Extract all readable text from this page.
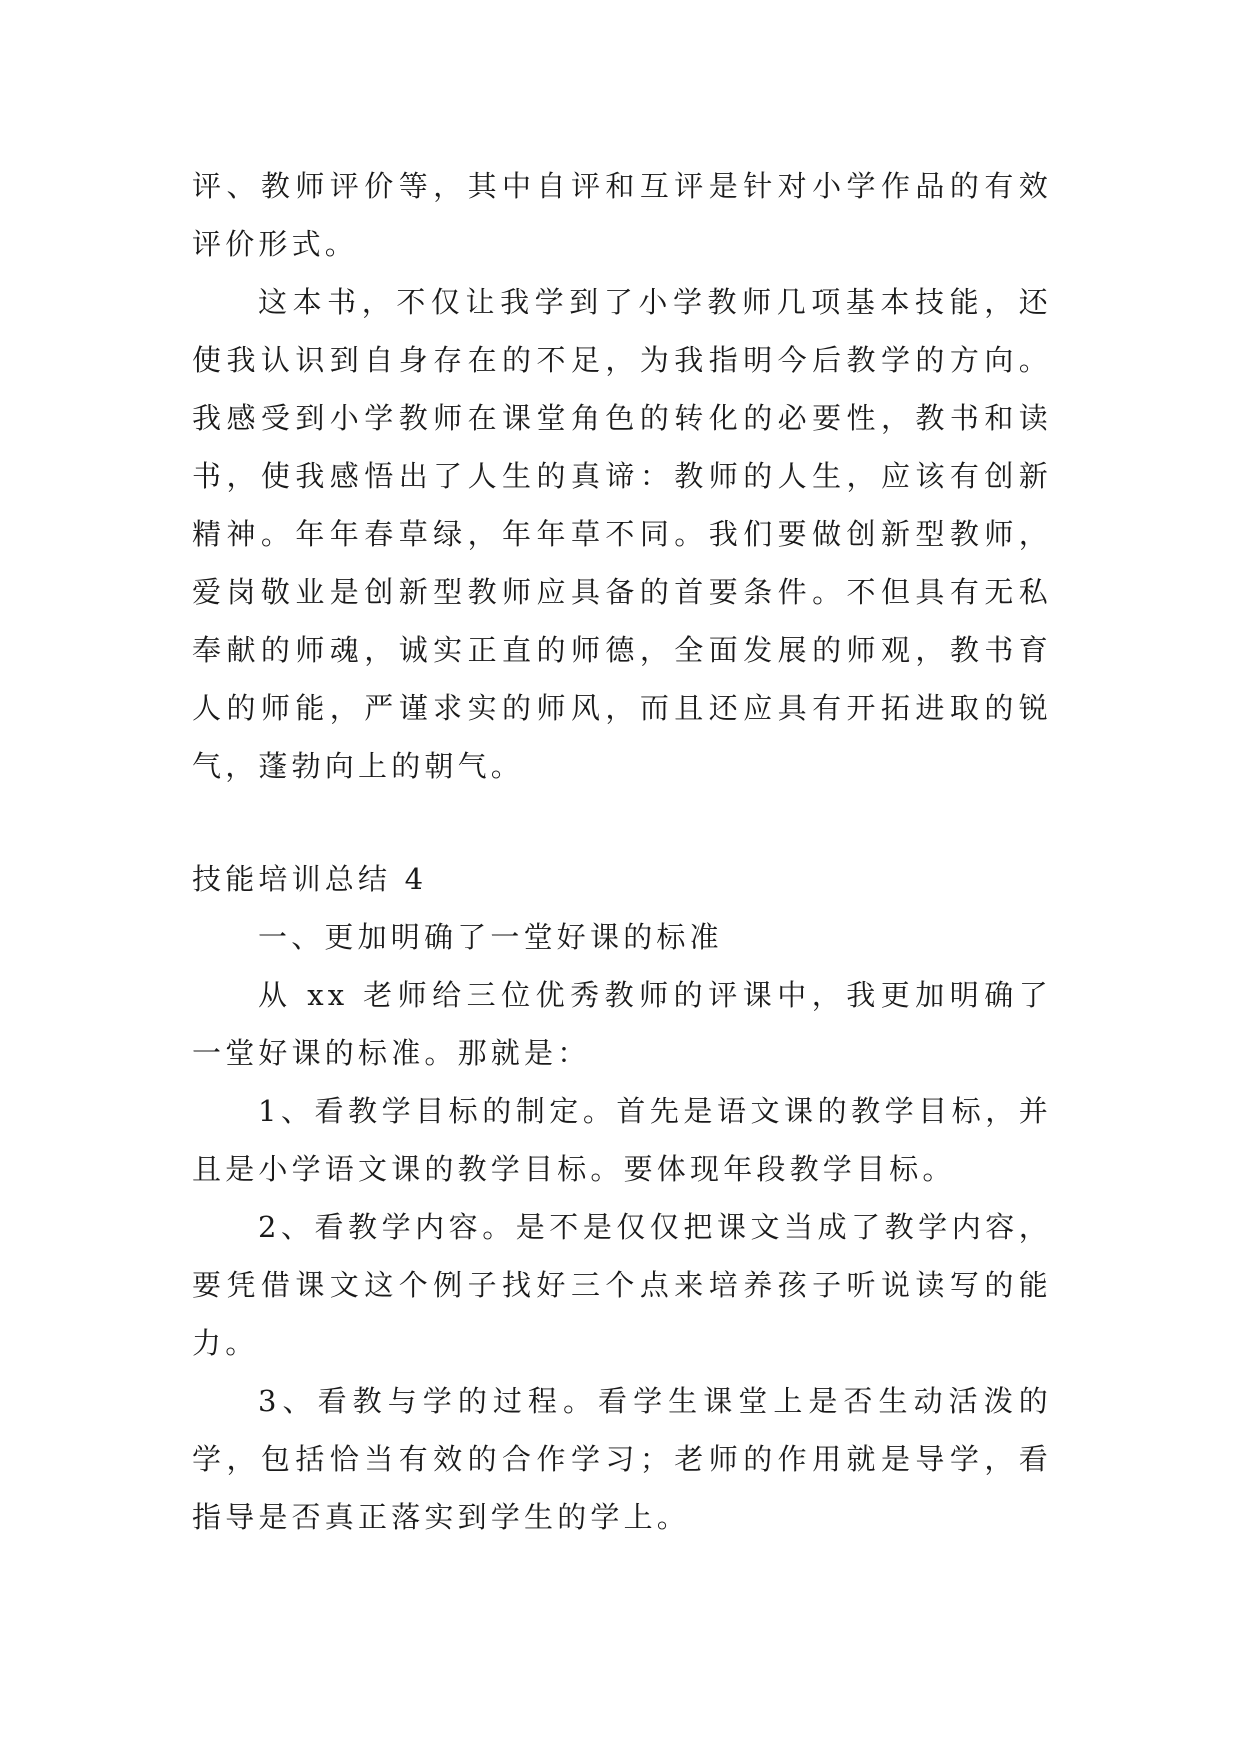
评、教师评价等，其中自评和互评是针对小学作品的有效评价形式。

这本书，不仅让我学到了小学教师几项基本技能，还使我认识到自身存在的不足，为我指明今后教学的方向。我感受到小学教师在课堂角色的转化的必要性，教书和读书，使我感悟出了人生的真谛：教师的人生，应该有创新精神。年年春草绿，年年草不同。我们要做创新型教师，爱岗敬业是创新型教师应具备的首要条件。不但具有无私奉献的师魂，诚实正直的师德，全面发展的师观，教书育人的师能，严谨求实的师风，而且还应具有开拓进取的锐气，蓬勃向上的朝气。

技能培训总结 4

一、更加明确了一堂好课的标准

从 xx 老师给三位优秀教师的评课中，我更加明确了一堂好课的标准。那就是：

1、看教学目标的制定。首先是语文课的教学目标，并且是小学语文课的教学目标。要体现年段教学目标。

2、看教学内容。是不是仅仅把课文当成了教学内容，要凭借课文这个例子找好三个点来培养孩子听说读写的能力。

3、看教与学的过程。看学生课堂上是否生动活泼的学，包括恰当有效的合作学习；老师的作用就是导学，看指导是否真正落实到学生的学上。
